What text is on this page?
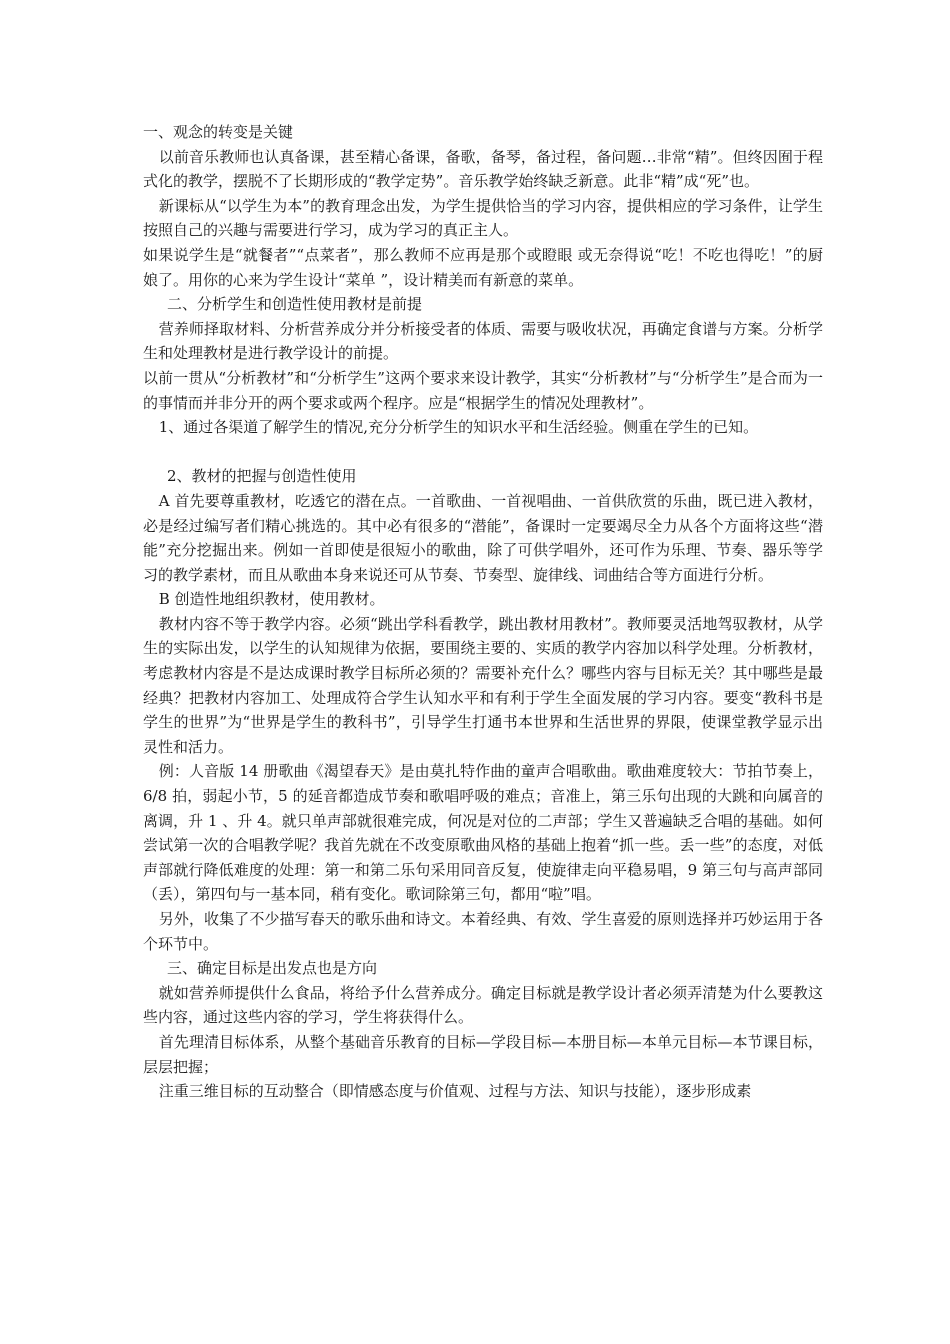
一、观念的转变是关键

以前音乐教师也认真备课，甚至精心备课，备歌，备琴，备过程，备问题…非常“精”。但终因囿于程式化的教学，摆脱不了长期形成的“教学定势”。音乐教学始终缺乏新意。此非“精”成“死”也。

新课标从“以学生为本”的教育理念出发，为学生提供恰当的学习内容，提供相应的学习条件，让学生按照自己的兴趣与需要进行学习，成为学习的真正主人。

如果说学生是“就餐者”“点菜者”，那么教师不应再是那个或瞪眼 或无奈得说“吃！不吃也得吃！”的厨娘了。用你的心来为学生设计“菜单 ”，设计精美而有新意的菜单。

二、分析学生和创造性使用教材是前提

营养师择取材料、分析营养成分并分析接受者的体质、需要与吸收状况，再确定食谱与方案。分析学生和处理教材是进行教学设计的前提。

以前一贯从“分析教材”和“分析学生”这两个要求来设计教学，其实“分析教材”与“分析学生”是合而为一的事情而并非分开的两个要求或两个程序。应是“根据学生的情况处理教材”。

1、通过各渠道了解学生的情况,充分分析学生的知识水平和生活经验。侧重在学生的已知。

2、教材的把握与创造性使用

A 首先要尊重教材，吃透它的潜在点。一首歌曲、一首视唱曲、一首供欣赏的乐曲，既已进入教材，必是经过编写者们精心挑选的。其中必有很多的“潜能”，备课时一定要竭尽全力从各个方面将这些“潜能”充分挖掘出来。例如一首即使是很短小的歌曲，除了可供学唱外，还可作为乐理、节奏、器乐等学习的教学素材，而且从歌曲本身来说还可从节奏、节奏型、旋律线、词曲结合等方面进行分析。

B 创造性地组织教材，使用教材。

教材内容不等于教学内容。必须“跳出学科看教学，跳出教材用教材”。教师要灵活地驾驭教材，从学生的实际出发，以学生的认知规律为依据，要围绕主要的、实质的教学内容加以科学处理。分析教材，考虑教材内容是不是达成课时教学目标所必须的？需要补充什么？哪些内容与目标无关？其中哪些是最经典？把教材内容加工、处理成符合学生认知水平和有利于学生全面发展的学习内容。要变“教科书是学生的世界”为“世界是学生的教科书”，引导学生打通书本世界和生活世界的界限，使课堂教学显示出灵性和活力。

例：人音版 14 册歌曲《渴望春天》是由莫扎特作曲的童声合唱歌曲。歌曲难度较大：节拍节奏上，6/8 拍，弱起小节，5 的延音都造成节奏和歌唱呼吸的难点；音准上，第三乐句出现的大跳和向属音的离调，升 1 、升 4。就只单声部就很难完成，何况是对位的二声部；学生又普遍缺乏合唱的基础。如何尝试第一次的合唱教学呢？我首先就在不改变原歌曲风格的基础上抱着“抓一些。丢一些”的态度，对低声部就行降低难度的处理：第一和第二乐句采用同音反复，使旋律走向平稳易唱，9 第三句与高声部同（丢），第四句与一基本同，稍有变化。歌词除第三句，都用“啦”唱。

另外，收集了不少描写春天的歌乐曲和诗文。本着经典、有效、学生喜爱的原则选择并巧妙运用于各个环节中。

三、确定目标是出发点也是方向

就如营养师提供什么食品，将给予什么营养成分。确定目标就是教学设计者必须弄清楚为什么要教这些内容，通过这些内容的学习，学生将获得什么。

首先理清目标体系，从整个基础音乐教育的目标—学段目标—本册目标—本单元目标—本节课目标，层层把握；

注重三维目标的互动整合（即情感态度与价值观、过程与方法、知识与技能），逐步形成素
